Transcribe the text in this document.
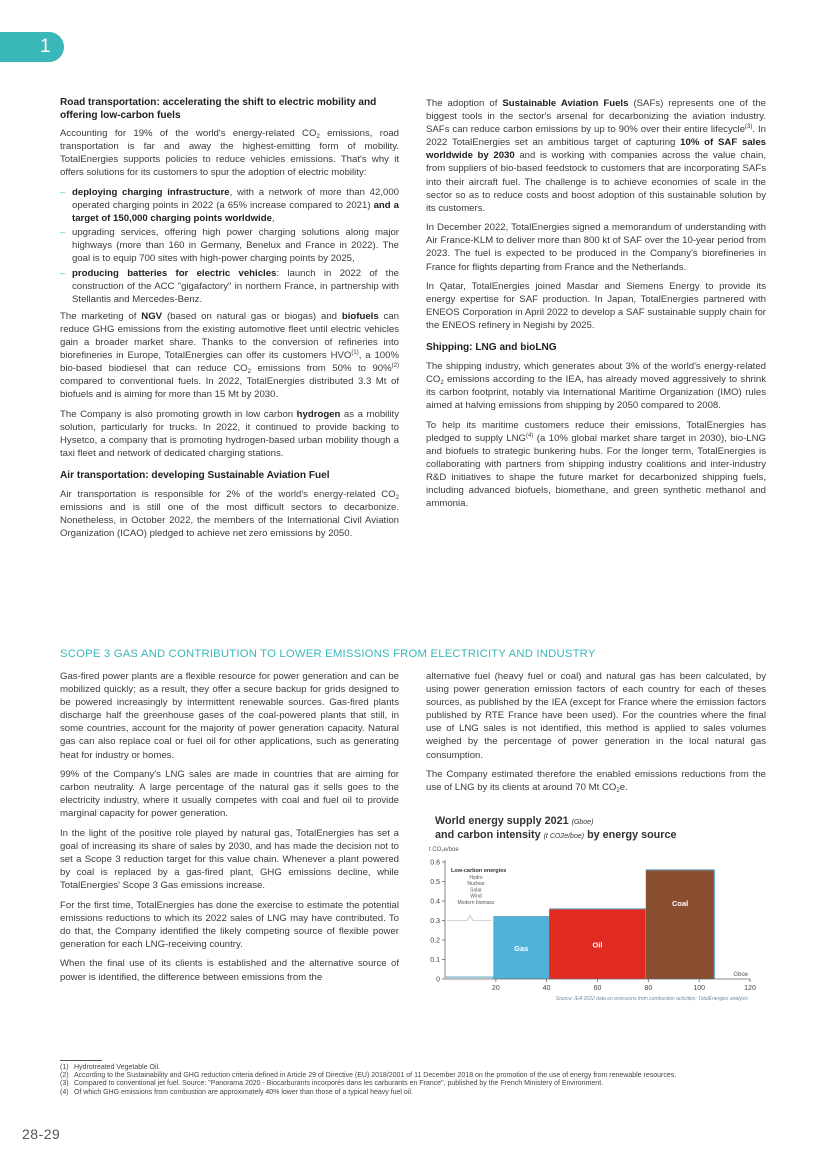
1
Road transportation: accelerating the shift to electric mobility and offering low-carbon fuels

Accounting for 19% of the world's energy-related $CO_2$ emissions, road transportation is far and away the highest-emitting form of mobility. TotalEnergies supports policies to reduce vehicles emissions. That's why it offers solutions for its customers to spur the adoption of electric mobility:

– deploying charging infrastructure, with a network of more than 42,000 operated charging points in 2022 (a 65% increase compared to 2021) and a target of 150,000 charging points worldwide,
– upgrading services, offering high power charging solutions along major highways (more than 160 in Germany, Benelux and France in 2022). The goal is to equip 700 sites with high-power charging points by 2025,
– producing batteries for electric vehicles: launch in 2022 of the construction of the ACC "gigafactory" in northern France, in partnership with Stellantis and Mercedes-Benz.

The marketing of NGV (based on natural gas or biogas) and biofuels can reduce GHG emissions from the existing automotive fleet until electric vehicles gain a broader market share. Thanks to the conversion of refineries into biorefineries in Europe, TotalEnergies can offer its customers HVO$^{(1)}$, a 100% bio-based biodiesel that can reduce $CO_2$ emissions from 50% to 90%$^{(2)}$ compared to conventional fuels. In 2022, TotalEnergies distributed 3.3 Mt of biofuels and is aiming for more than 15 Mt by 2030.

The Company is also promoting growth in low carbon hydrogen as a mobility solution, particularly for trucks. In 2022, it continued to provide backing to Hysetco, a company that is promoting hydrogen-based urban mobility though a taxi fleet and network of dedicated charging stations.

Air transportation: developing Sustainable Aviation Fuel

Air transportation is responsible for 2% of the world's energy-related $CO_2$ emissions and is still one of the most difficult sectors to decarbonize. Nonetheless, in October 2022, the members of the International Civil Aviation Organization (ICAO) pledged to achieve net zero emissions by 2050.

The adoption of Sustainable Aviation Fuels (SAFs) represents one of the biggest tools in the sector's arsenal for decarbonizing the aviation industry. SAFs can reduce carbon emissions by up to 90% over their entire lifecycle$^{(3)}$. In 2022 TotalEnergies set an ambitious target of capturing 10% of SAF sales worldwide by 2030 and is working with companies across the value chain, from suppliers of bio-based feedstock to customers that are incorporating SAFs into their aircraft fuel. The challenge is to achieve economies of scale in the sector so as to reduce costs and boost adoption of this sustainable solution by its customers.

In December 2022, TotalEnergies signed a memorandum of understanding with Air France-KLM to deliver more than 800 kt of SAF over the 10-year period from 2023. The fuel is expected to be produced in the Company's biorefineries in France for flights departing from France and the Netherlands.

In Qatar, TotalEnergies joined Masdar and Siemens Energy to provide its energy expertise for SAF production. In Japan, TotalEnergies partnered with ENEOS Corporation in April 2022 to develop a SAF sustainable supply chain for the ENEOS refinery in Negishi by 2025.

Shipping: LNG and bioLNG

The shipping industry, which generates about 3% of the world's energy-related $CO_2$ emissions according to the IEA, has already moved aggressively to shrink its carbon footprint, notably via International Maritime Organization (IMO) rules aimed at halving emissions from shipping by 2050 compared to 2008.

To help its maritime customers reduce their emissions, TotalEnergies has pledged to supply LNG$^{(4)}$ (a 10% global market share target in 2030), bio-LNG and biofuels to strategic bunkering hubs. For the longer term, TotalEnergies is collaborating with partners from shipping industry coalitions and inter-industry R&D initiatives to shape the future market for decarbonized shipping fuels, including advanced biofuels, biomethane, and green synthetic methanol and ammonia.

SCOPE 3 GAS AND CONTRIBUTION TO LOWER EMISSIONS FROM ELECTRICITY AND INDUSTRY

Gas-fired power plants are a flexible resource for power generation and can be mobilized quickly; as a result, they offer a secure backup for grids designed to be powered increasingly by intermittent renewable sources. Gas-fired plants discharge half the greenhouse gases of the coal-powered plants that still, in some countries, account for the majority of power generation capacity. Natural gas can also replace coal or fuel oil for other applications, such as generating heat for industry or homes.

99% of the Company's LNG sales are made in countries that are aiming for carbon neutrality. A large percentage of the natural gas it sells goes to the electricity industry, where it usually competes with coal and fuel oil to provide marginal capacity for power generation.

In the light of the positive role played by natural gas, TotalEnergies has set a goal of increasing its share of sales by 2030, and has made the decision not to set a Scope 3 reduction target for this value chain. Whenever a plant powered by coal is replaced by a gas-fired plant, GHG emissions decline, while TotalEnergies' Scope 3 Gas emissions increase.

For the first time, TotalEnergies has done the exercise to estimate the potential emissions reductions to which its 2022 sales of LNG may have contributed. To do that, the Company identified the likely competing source of flexible power generation for each LNG-receiving country.

When the final use of its clients is established and the alternative source of power is identified, the difference between emissions from the

alternative fuel (heavy fuel or coal) and natural gas has been calculated, by using power generation emission factors of each country for each of theses sources, as published by the IEA (except for France where the emission factors published by RTE France have been used). For the countries where the final use of LNG sales is not identified, this method is applied to sales volumes weighed by the percentage of power generation in the local natural gas consumption.

The Company estimated therefore the enabled emissions reductions from the use of LNG by its clients at around 70 Mt $CO_2e$.

World energy supply 2021 (Gboe)
and carbon intensity (t CO2e/boe) by energy source
t CO₂e/boe
0
0.1
0.2
0.3
0.4
0.5
0.6
Gas	Oil
Coal
Low-carbon energies
Hydro
Nuclear
Solar
Wind
Modern biomass
20	40	60	80	100	120
Gboe
Source: IEA 2022 data on emissions from combustion activities; TotalEnergies analysis
(1) Hydrotreated Vegetable Oil.
(2) According to the Sustainability and GHG reduction criteria defined in Article 29 of Directive (EU) 2018/2001 of 11 December 2018 on the promotion of the use of energy from renewable resources.
(3) Compared to conventional jet fuel. Source: "Panorama 2020 - Biocarburants incorporés dans les carburants en France", published by the French Ministery of Environment.
(4) Of which GHG emissions from combustion are approximately 40% lower than those of a typical heavy fuel oil.
28-29
